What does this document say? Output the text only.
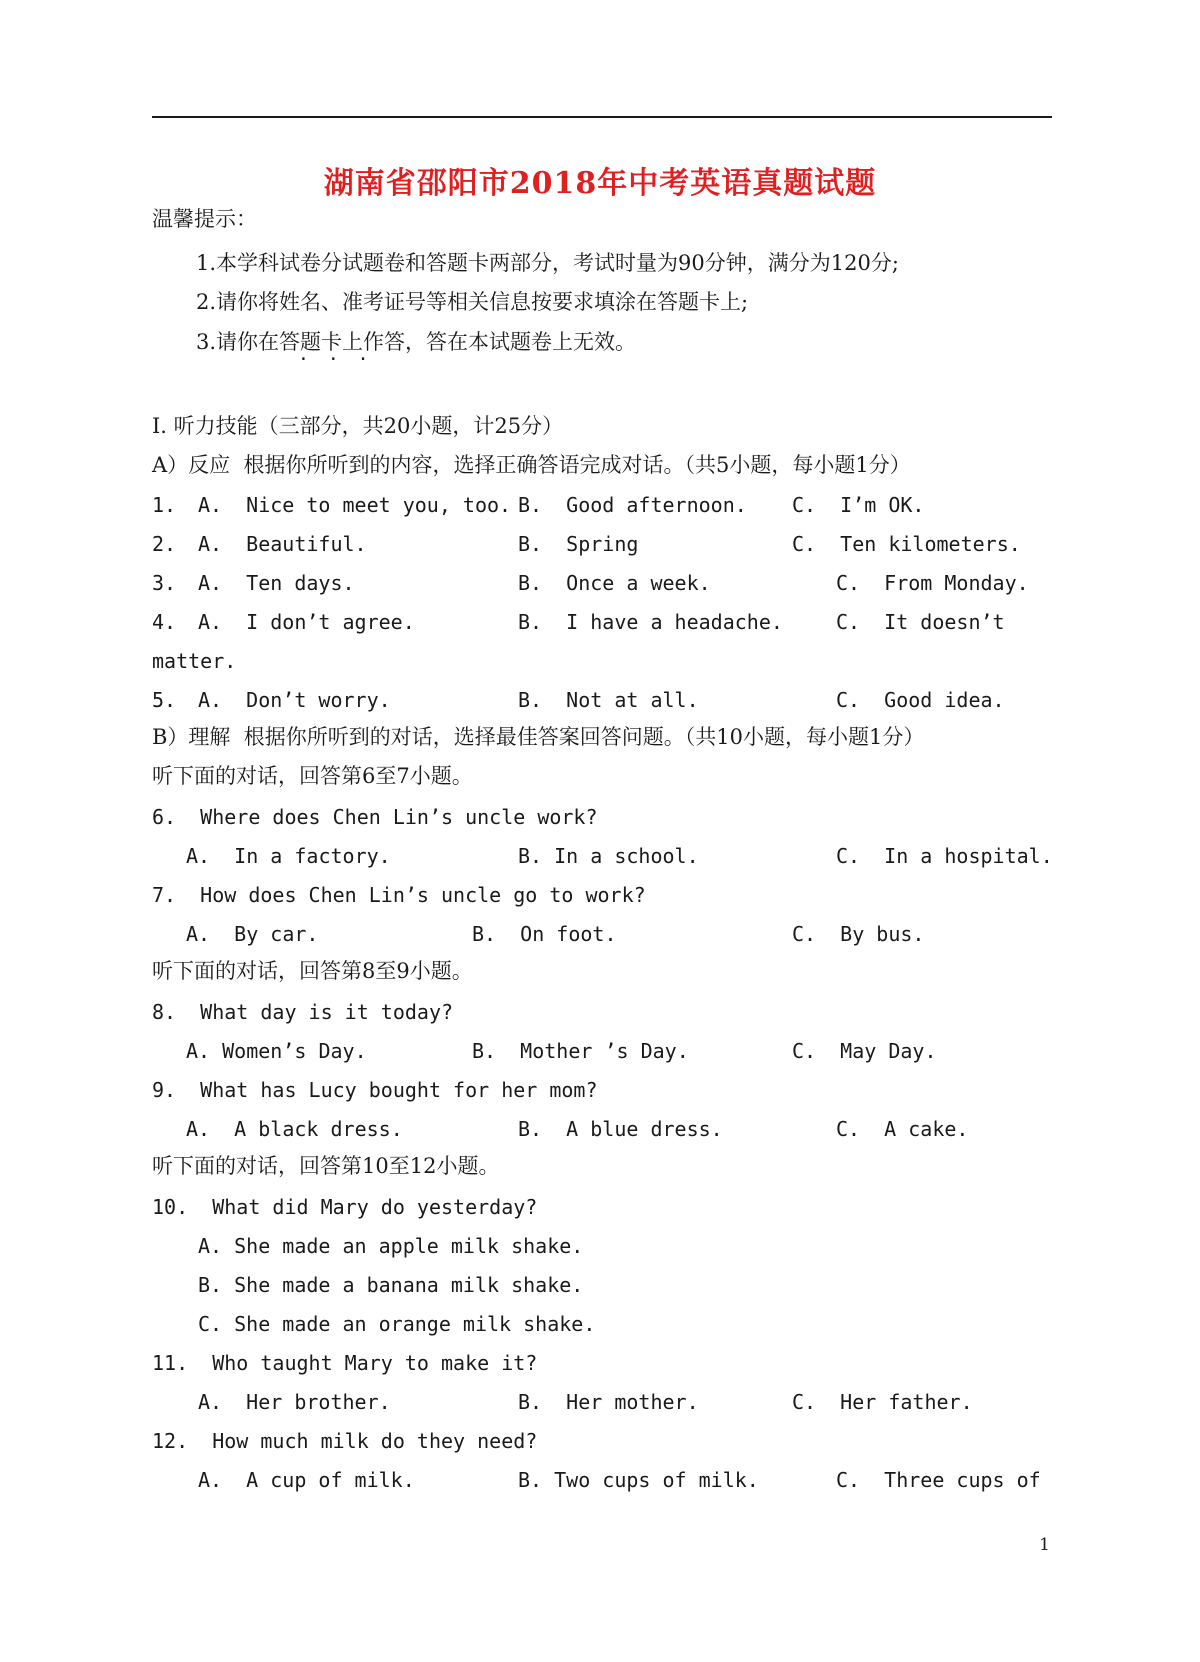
湖南省邵阳市2018年中考英语真题试题
温馨提示：
1.本学科试卷分试题卷和答题卡两部分，考试时量为90分钟，满分为120分;
2.请你将姓名、准考证号等相关信息按要求填涂在答题卡上;
3.请你在答题卡上作答，答在本试题卷上无效。
···
Ⅰ. 听力技能（三部分，共20小题，计25分）
A）反应  根据你所听到的内容，选择正确答语完成对话。（共5小题，每小题1分）
1. A.  Nice to meet you, too. B.  Good afternoon. C.  I’m OK.
2. A.  Beautiful.	B.  Spring	C.  Ten kilometers.
3. A.  Ten days.	B.  Once a week.	C.  From Monday.
4. A.  I don’t agree.	B.  I have a headache.	C.  It doesn’t
matter.
5. A.  Don’t worry.	B.  Not at all.	C.  Good idea.
B）理解  根据你所听到的对话，选择最佳答案回答问题。（共10小题，每小题1分）
听下面的对话，回答第6至7小题。
6.  Where does Chen Lin’s uncle work?
A.  In a factory.	B. In a school.	C.  In a hospital.
7.  How does Chen Lin’s uncle go to work?
A.  By car.	B.  On foot.	C.  By bus.
听下面的对话，回答第8至9小题。
8.  What day is it today?
A. Women’s Day.	B.  Mother ’s Day.	C.  May Day.
9.  What has Lucy bought for her mom?
A.  A black dress.	B.  A blue dress.	C.  A cake.
听下面的对话，回答第10至12小题。
10.  What did Mary do yesterday?
A. She made an apple milk shake.
B. She made a banana milk shake.
C. She made an orange milk shake.
11.  Who taught Mary to make it?
A.  Her brother.	B.  Her mother.	C.  Her father.
12.  How much milk do they need?
A.  A cup of milk.	B. Two cups of milk.	C.  Three cups of
1
